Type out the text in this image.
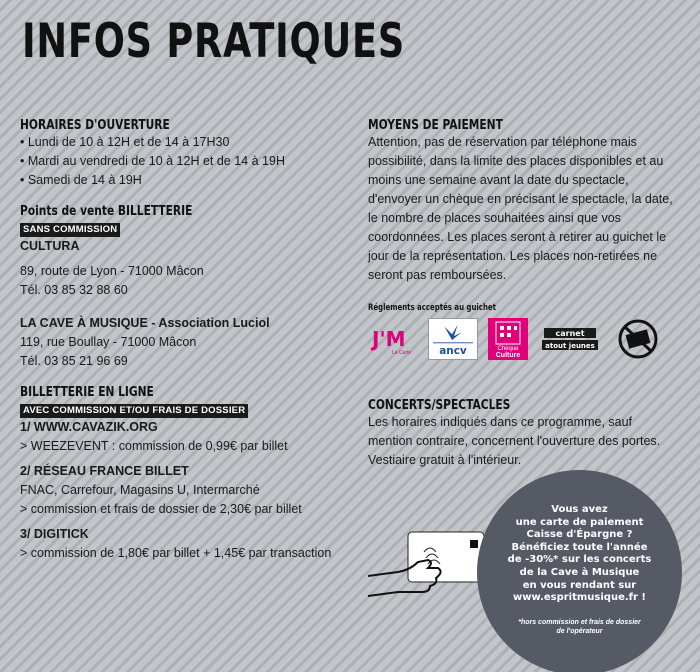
INFOS PRATIQUES
HORAIRES D'OUVERTURE
• Lundi de 10 à 12H et de 14 à 17H30
• Mardi au vendredi de 10 à 12H et de 14 à 19H
• Samedi de 14 à 19H
Points de vente BILLETTERIE
SANS COMMISSION
CULTURA
89, route de Lyon - 71000 Mâcon
Tél. 03 85 32 88 60
LA CAVE À MUSIQUE - Association Luciol
119, rue Boullay - 71000 Mâcon
Tél. 03 85 21 96 69
BILLETTERIE EN LIGNE
AVEC COMMISSION ET/OU FRAIS DE DOSSIER
1/ WWW.CAVAZIK.ORG
> WEEZEVENT : commission de 0,99€ par billet
2/ RÉSEAU FRANCE BILLET
FNAC, Carrefour, Magasins U, Intermarché
> commission et frais de dossier de 2,30€ par billet
3/ DIGITICK
> commission de 1,80€ par billet + 1,45€ par transaction
MOYENS DE PAIEMENT
Attention, pas de réservation par téléphone mais
possibilité, dans la limite des places disponibles et au
moins une semaine avant la date du spectacle,
d'envoyer un chèque en précisant le spectacle, la date,
le nombre de places souhaitées ainsi que vos
coordonnées. Les places seront à retirer au guichet le
jour de la représentation. Les places non-retirées ne
seront pas remboursées.
Réglements acceptés au guichet
J'M
La Carte	ancv	Chèque
Culture
carnet
atout jeunes
CONCERTS/SPECTACLES
Les horaires indiqués dans ce programme, sauf
mention contraire, concernent l'ouverture des portes.
Vestiaire gratuit à l'intérieur.
Vous avez
une carte de paiement
Caisse d'Épargne ?
Bénéficiez toute l'année
de -30%* sur les concerts
de la Cave à Musique
en vous rendant sur
www.espritmusique.fr !
*hors commission et frais de dossier
de l'opérateur
